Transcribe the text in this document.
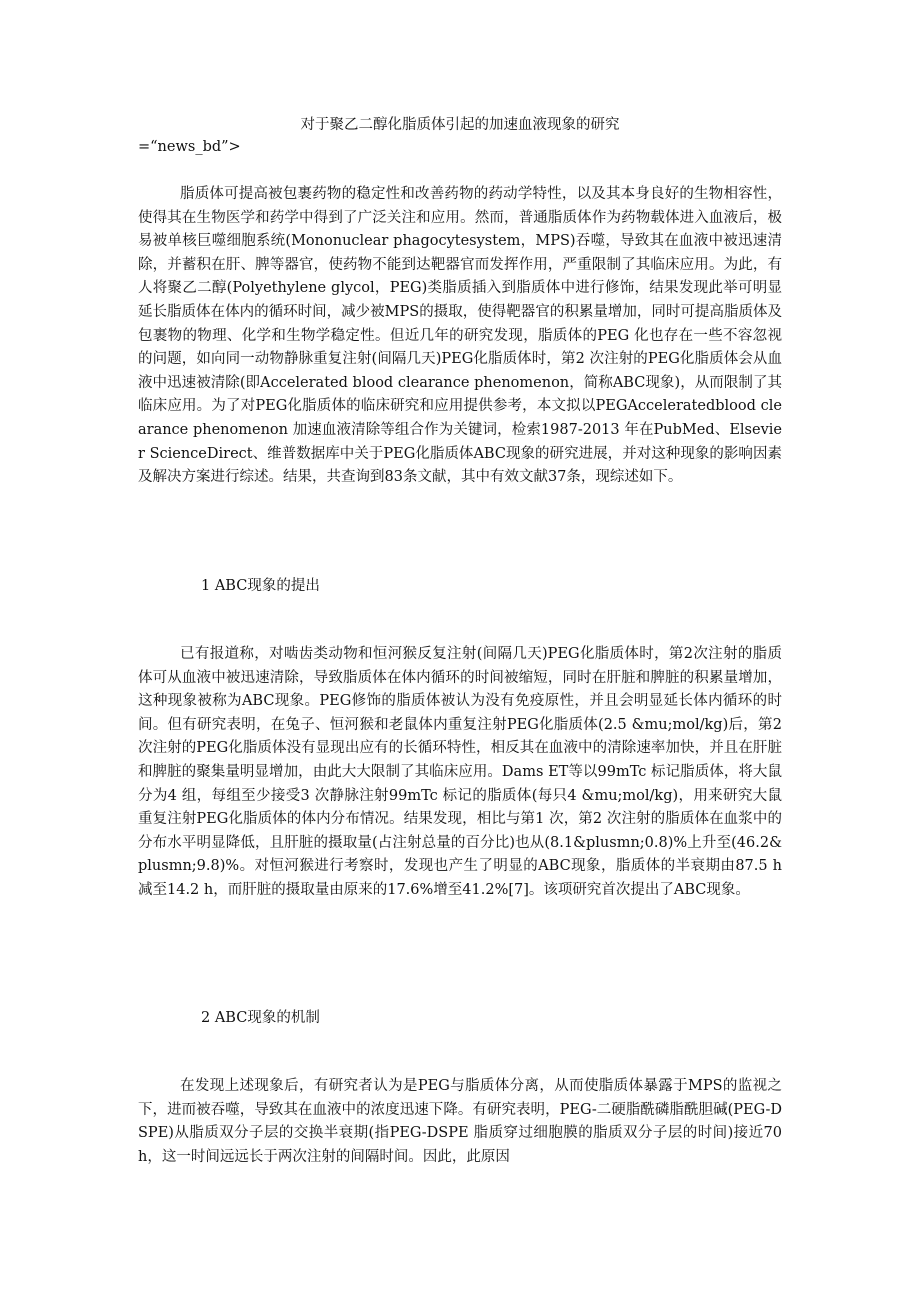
对于聚乙二醇化脂质体引起的加速血液现象的研究
=“news_bd”>

脂质体可提高被包裹药物的稳定性和改善药物的药动学特性，以及其本身良好的生物相容性，使得其在生物医学和药学中得到了广泛关注和应用。然而，普通脂质体作为药物载体进入血液后，极易被单核巨噬细胞系统(Mononuclear phagocytesystem，MPS)吞噬，导致其在血液中被迅速清除，并蓄积在肝、脾等器官，使药物不能到达靶器官而发挥作用，严重限制了其临床应用。为此，有人将聚乙二醇(Polyethylene glycol，PEG)类脂质插入到脂质体中进行修饰，结果发现此举可明显延长脂质体在体内的循环时间，减少被MPS的摄取，使得靶器官的积累量增加，同时可提高脂质体及包裹物的物理、化学和生物学稳定性。但近几年的研究发现，脂质体的PEG 化也存在一些不容忽视的问题，如向同一动物静脉重复注射(间隔几天)PEG化脂质体时，第2 次注射的PEG化脂质体会从血液中迅速被清除(即Accelerated blood clearance phenomenon，简称ABC现象)，从而限制了其临床应用。为了对PEG化脂质体的临床研究和应用提供参考，本文拟以PEGAcceleratedblood clearance phenomenon 加速血液清除等组合作为关键词，检索1987-2013 年在PubMed、Elsevier ScienceDirect、维普数据库中关于PEG化脂质体ABC现象的研究进展，并对这种现象的影响因素及解决方案进行综述。结果，共查询到83条文献，其中有效文献37条，现综述如下。

1 ABC现象的提出

已有报道称，对啮齿类动物和恒河猴反复注射(间隔几天)PEG化脂质体时，第2次注射的脂质体可从血液中被迅速清除，导致脂质体在体内循环的时间被缩短，同时在肝脏和脾脏的积累量增加，这种现象被称为ABC现象。PEG修饰的脂质体被认为没有免疫原性，并且会明显延长体内循环的时间。但有研究表明，在兔子、恒河猴和老鼠体内重复注射PEG化脂质体(2.5 &mu;mol/kg)后，第2 次注射的PEG化脂质体没有显现出应有的长循环特性，相反其在血液中的清除速率加快，并且在肝脏和脾脏的聚集量明显增加，由此大大限制了其临床应用。Dams ET等以99mTc 标记脂质体，将大鼠分为4 组，每组至少接受3 次静脉注射99mTc 标记的脂质体(每只4 &mu;mol/kg)，用来研究大鼠重复注射PEG化脂质体的体内分布情况。结果发现，相比与第1 次，第2 次注射的脂质体在血浆中的分布水平明显降低，且肝脏的摄取量(占注射总量的百分比)也从(8.1&plusmn;0.8)%上升至(46.2&plusmn;9.8)%。对恒河猴进行考察时，发现也产生了明显的ABC现象，脂质体的半衰期由87.5 h 减至14.2 h，而肝脏的摄取量由原来的17.6%增至41.2%[7]。该项研究首次提出了ABC现象。

2 ABC现象的机制

在发现上述现象后，有研究者认为是PEG与脂质体分离，从而使脂质体暴露于MPS的监视之下，进而被吞噬，导致其在血液中的浓度迅速下降。有研究表明，PEG-二硬脂酰磷脂酰胆碱(PEG-DSPE)从脂质双分子层的交换半衰期(指PEG-DSPE 脂质穿过细胞膜的脂质双分子层的时间)接近70h，这一时间远远长于两次注射的间隔时间。因此，此原因
